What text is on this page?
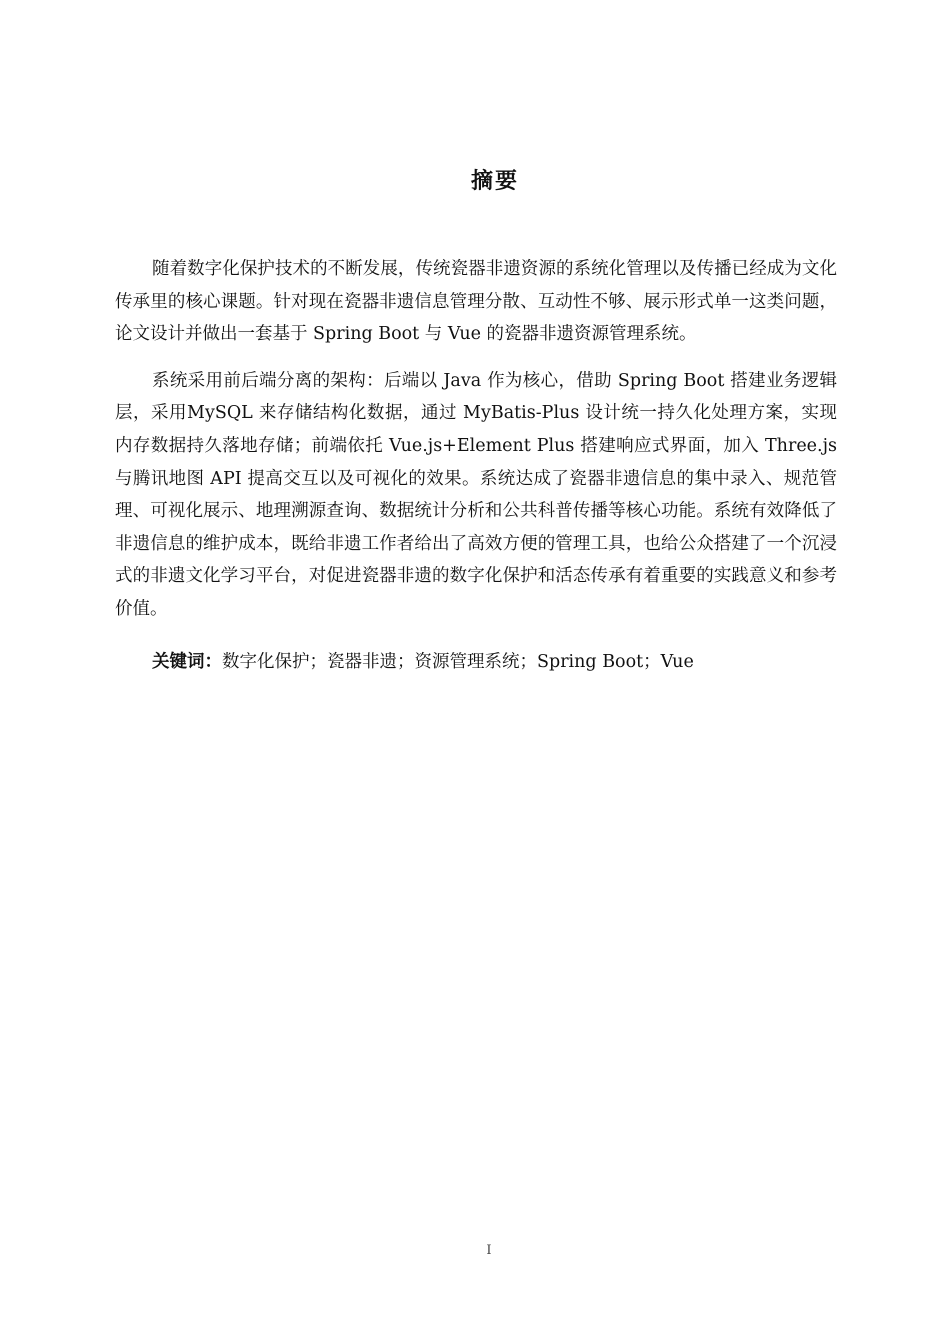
摘要

随着数字化保护技术的不断发展，传统瓷器非遗资源的系统化管理以及传播已经成为文化传承里的核心课题。针对现在瓷器非遗信息管理分散、互动性不够、展示形式单一这类问题，论文设计并做出一套基于 Spring Boot 与 Vue 的瓷器非遗资源管理系统。

系统采用前后端分离的架构：后端以 Java 作为核心，借助 Spring Boot 搭建业务逻辑层，采用MySQL 来存储结构化数据，通过 MyBatis-Plus 设计统一持久化处理方案，实现内存数据持久落地存储；前端依托 Vue.js+Element Plus 搭建响应式界面，加入 Three.js 与腾讯地图 API 提高交互以及可视化的效果。系统达成了瓷器非遗信息的集中录入、规范管理、可视化展示、地理溯源查询、数据统计分析和公共科普传播等核心功能。系统有效降低了非遗信息的维护成本，既给非遗工作者给出了高效方便的管理工具，也给公众搭建了一个沉浸式的非遗文化学习平台，对促进瓷器非遗的数字化保护和活态传承有着重要的实践意义和参考价值。

关键词：数字化保护；瓷器非遗；资源管理系统；Spring Boot；Vue

I
